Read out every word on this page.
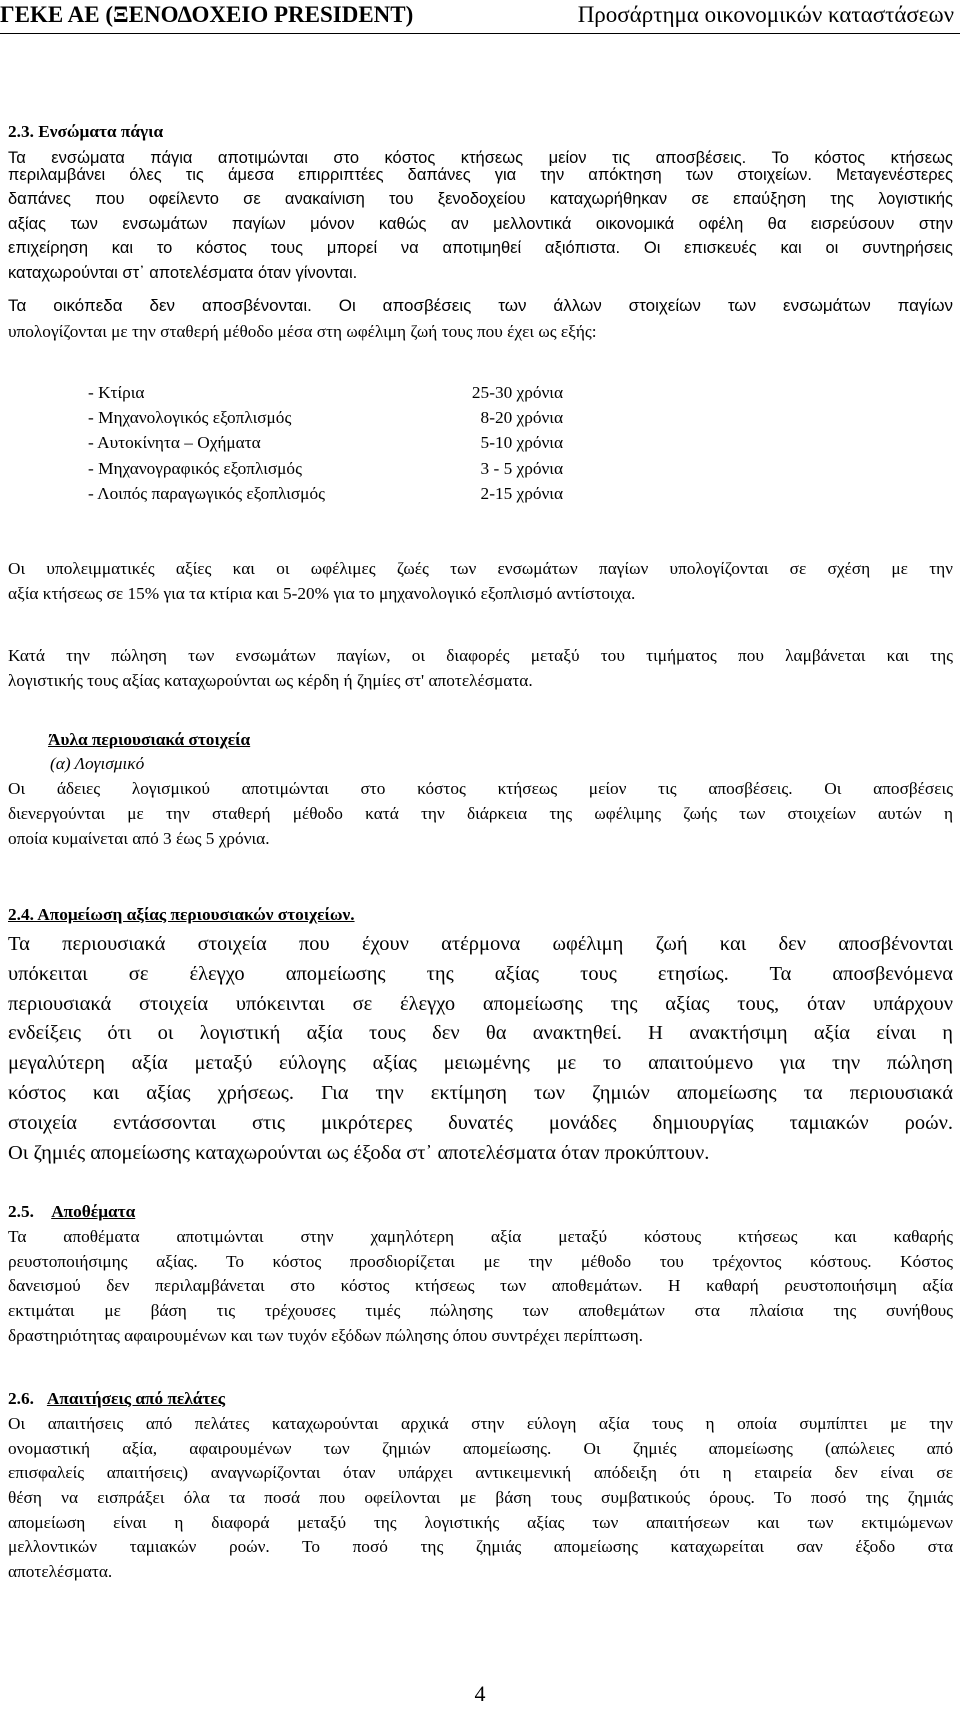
ΓΕΚΕ ΑΕ (ΞΕΝΟΔΟΧΕΙΟ PRESIDENT)	Προσάρτημα οικονομικών καταστάσεων
2.3. Ενσώματα πάγια
Τα ενσώματα πάγια αποτιμώνται στο κόστος κτήσεως μείον τις αποσβέσεις. Το κόστος κτήσεως
περιλαμβάνει όλες τις άμεσα επιρριπτέες δαπάνες για την απόκτηση των στοιχείων. Μεταγενέστερες
δαπάνες που οφείλεντο σε ανακαίνιση του ξενοδοχείου καταχωρήθηκαν σε επαύξηση της λογιστικής
αξίας των ενσωμάτων παγίων μόνον καθώς αν μελλοντικά οικονομικά οφέλη θα εισρεύσουν στην
επιχείρηση και το κόστος τους μπορεί να αποτιμηθεί αξιόπιστα. Οι επισκευές και οι συντηρήσεις
καταχωρούνται στ᾽ αποτελέσματα όταν γίνονται.
Τα οικόπεδα δεν αποσβένονται. Οι αποσβέσεις των άλλων στοιχείων των ενσωμάτων παγίων
υπολογίζονται με την σταθερή μέθοδο μέσα στη ωφέλιμη ζωή τους που έχει ως εξής:
- Κτίρια	25-30 χρόνια
- Μηχανολογικός εξοπλισμός	8-20 χρόνια
- Αυτοκίνητα – Οχήματα	5-10 χρόνια
- Μηχανογραφικός εξοπλισμός	3 - 5 χρόνια
- Λοιπός παραγωγικός εξοπλισμός	2-15 χρόνια
Οι υπολειμματικές αξίες και οι ωφέλιμες ζωές των ενσωμάτων παγίων υπολογίζονται σε σχέση με την
αξία κτήσεως σε 15% για τα κτίρια και 5-20% για το μηχανολογικό εξοπλισμό αντίστοιχα.
Κατά την πώληση των ενσωμάτων παγίων, οι διαφορές μεταξύ του τιμήματος που λαμβάνεται και της
λογιστικής τους αξίας καταχωρούνται ως κέρδη ή ζημίες στ' αποτελέσματα.
Άυλα περιουσιακά στοιχεία
(α) Λογισμικό
Οι άδειες λογισμικού αποτιμώνται στο κόστος κτήσεως μείον τις αποσβέσεις. Οι αποσβέσεις
διενεργούνται με την σταθερή μέθοδο κατά την διάρκεια της ωφέλιμης ζωής των στοιχείων αυτών η
οποία κυμαίνεται από 3 έως 5 χρόνια.
2.4. Απομείωση αξίας περιουσιακών στοιχείων.
Τα περιουσιακά στοιχεία που έχουν ατέρμονα ωφέλιμη ζωή και δεν αποσβένονται
υπόκειται σε έλεγχο απομείωσης της αξίας τους ετησίως. Τα αποσβενόμενα
περιουσιακά στοιχεία υπόκεινται σε έλεγχο απομείωσης της αξίας τους, όταν υπάρχουν
ενδείξεις ότι οι λογιστική αξία τους δεν θα ανακτηθεί. Η ανακτήσιμη αξία είναι η
μεγαλύτερη αξία μεταξύ εύλογης αξίας μειωμένης με το απαιτούμενο για την πώληση
κόστος και αξίας χρήσεως. Για την εκτίμηση των ζημιών απομείωσης τα περιουσιακά
στοιχεία εντάσσονται στις μικρότερες δυνατές μονάδες δημιουργίας ταμιακών ροών.
Οι ζημιές απομείωσης καταχωρούνται ως έξοδα στ᾽ αποτελέσματα όταν προκύπτουν.
2.5. Αποθέματα
Τα αποθέματα αποτιμώνται στην χαμηλότερη αξία μεταξύ κόστους κτήσεως και καθαρής
ρευστοποιήσιμης αξίας. Το κόστος προσδιορίζεται με την μέθοδο του τρέχοντος κόστους. Κόστος
δανεισμού δεν περιλαμβάνεται στο κόστος κτήσεως των αποθεμάτων. Η καθαρή ρευστοποιήσιμη αξία
εκτιμάται με βάση τις τρέχουσες τιμές πώλησης των αποθεμάτων στα πλαίσια της συνήθους
δραστηριότητας αφαιρουμένων και των τυχόν εξόδων πώλησης όπου συντρέχει περίπτωση.
2.6. Απαιτήσεις από πελάτες
Οι απαιτήσεις από πελάτες καταχωρούνται αρχικά στην εύλογη αξία τους η οποία συμπίπτει με την
ονομαστική αξία, αφαιρουμένων των ζημιών απομείωσης. Οι ζημιές απομείωσης (απώλειες από
επισφαλείς απαιτήσεις) αναγνωρίζονται όταν υπάρχει αντικειμενική απόδειξη ότι η εταιρεία δεν είναι σε
θέση να εισπράξει όλα τα ποσά που οφείλονται με βάση τους συμβατικούς όρους. Το ποσό της ζημιάς
απομείωση είναι η διαφορά μεταξύ της λογιστικής αξίας των απαιτήσεων και των εκτιμώμενων
μελλοντικών ταμιακών ροών. Το ποσό της ζημιάς απομείωσης καταχωρείται σαν έξοδο στα
αποτελέσματα.
4
